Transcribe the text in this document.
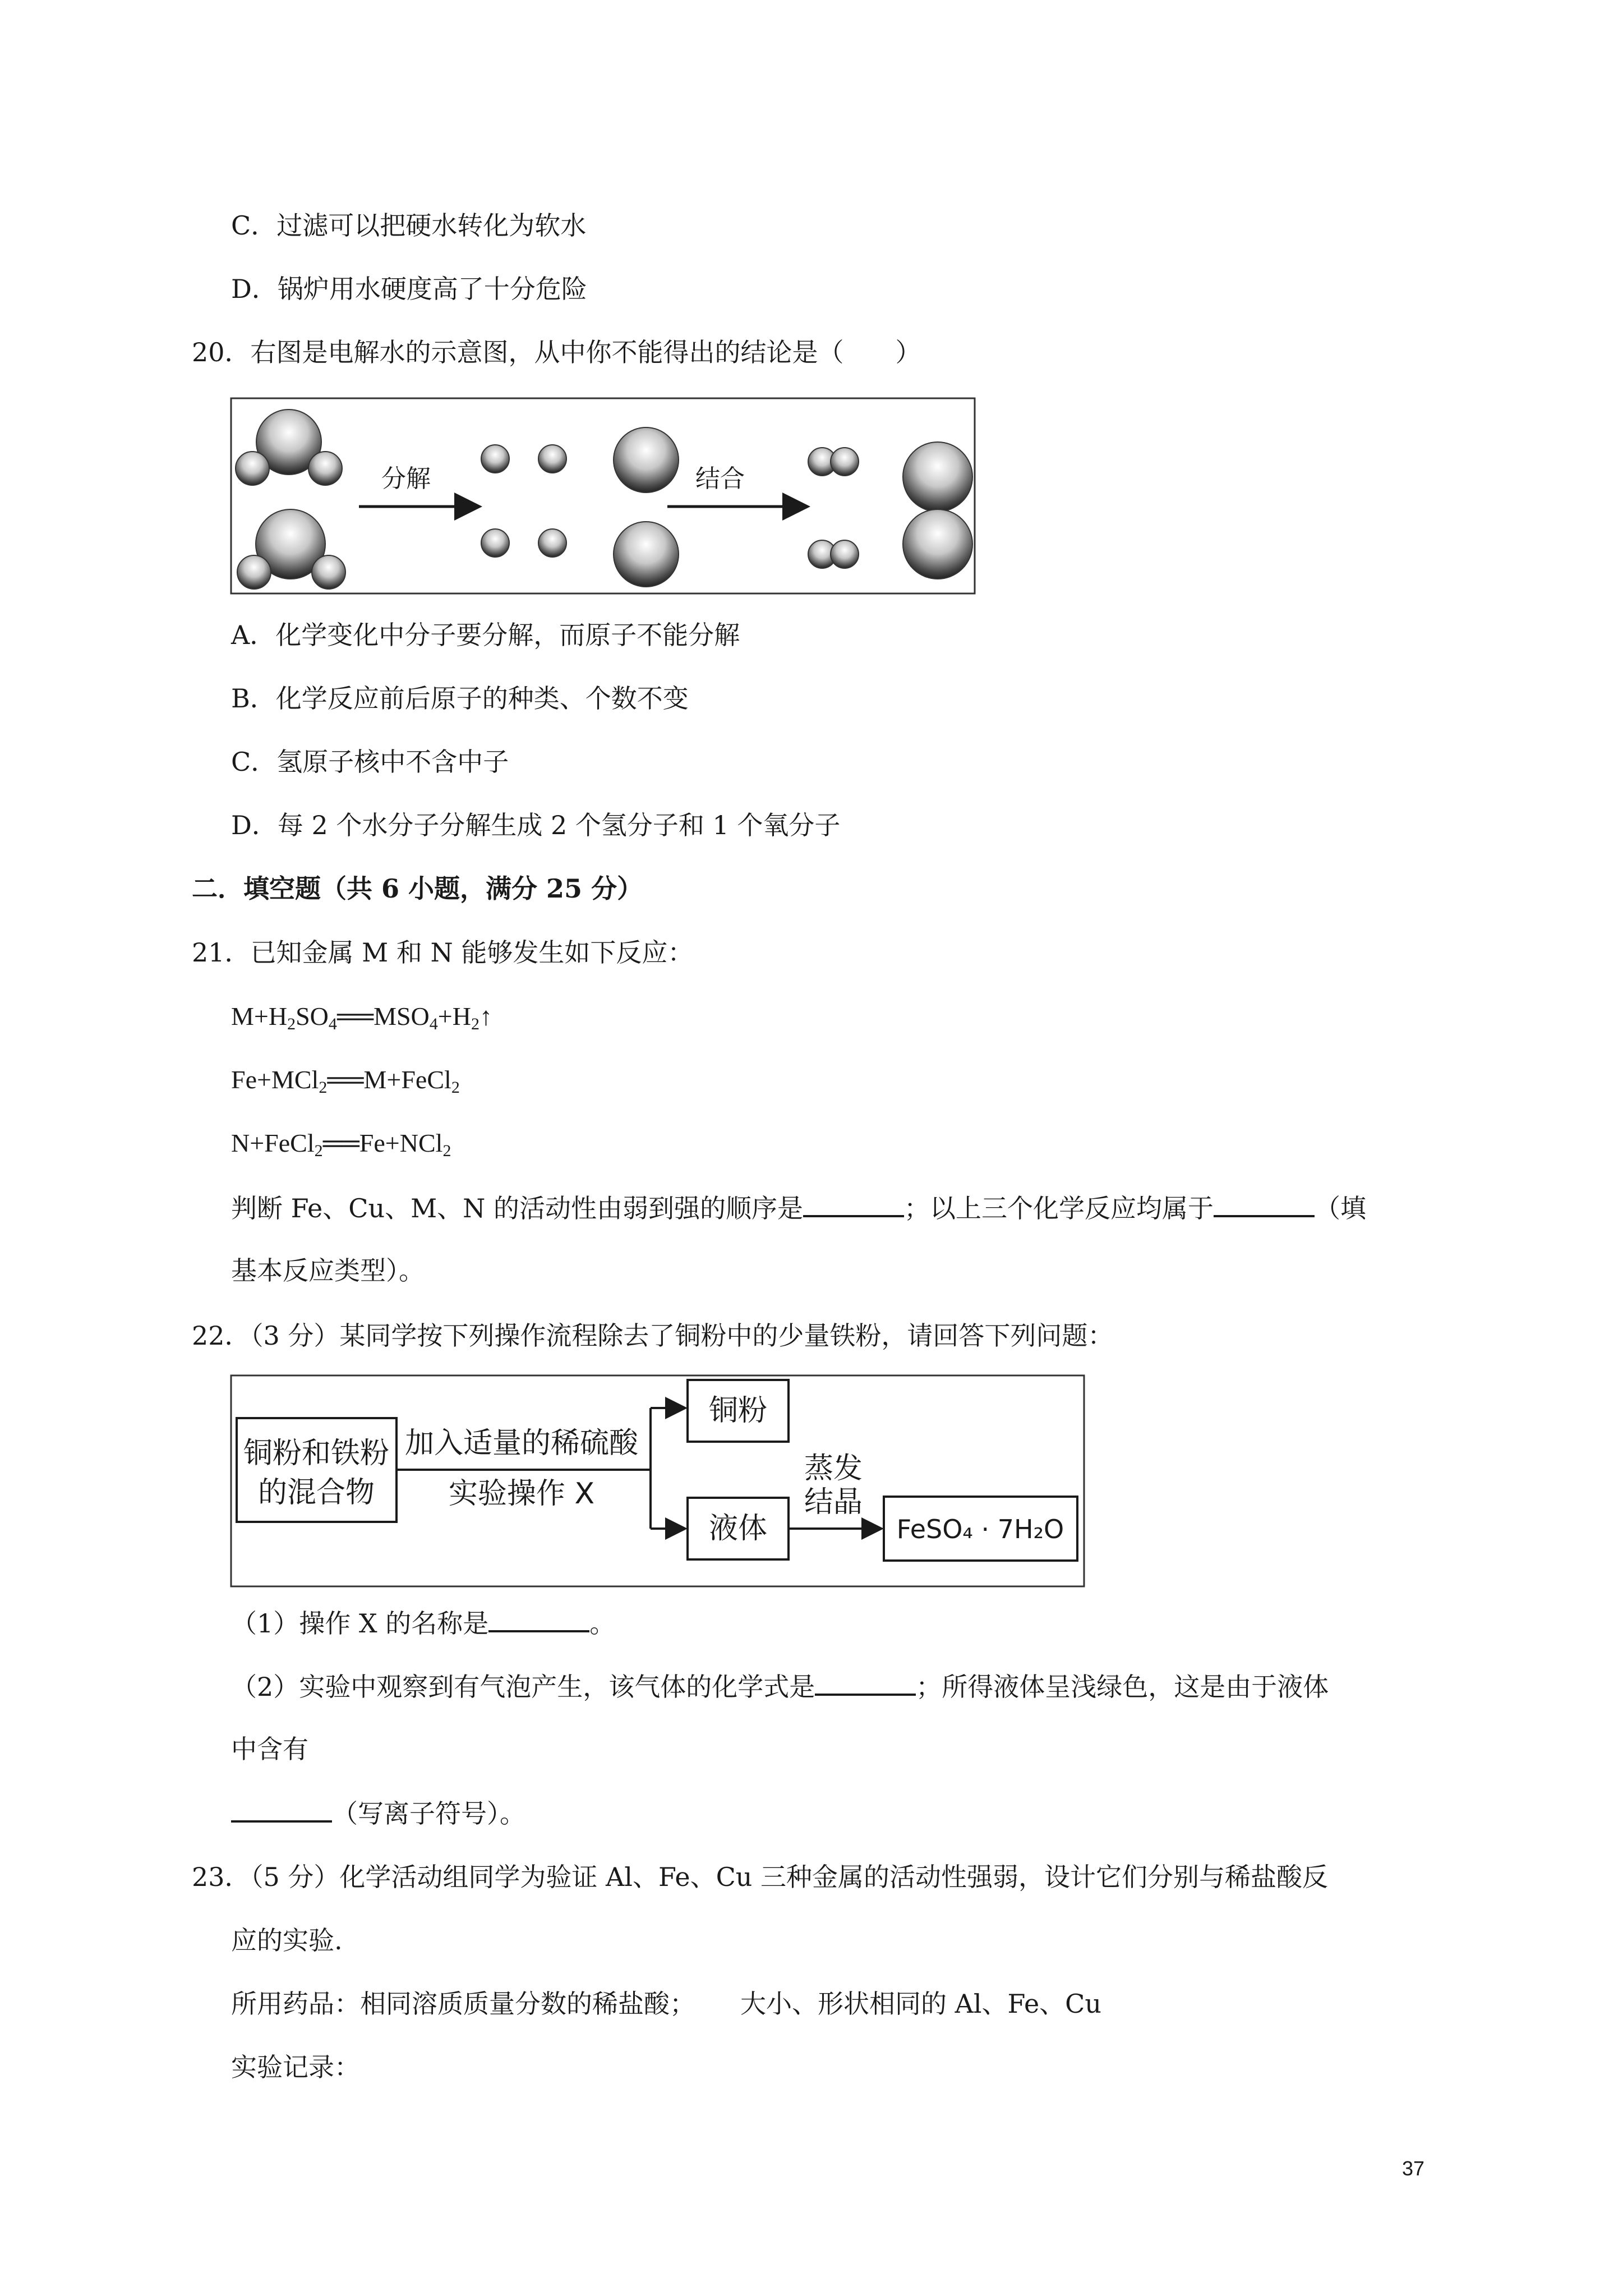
C．过滤可以把硬水转化为软水
D．锅炉用水硬度高了十分危险
20．右图是电解水的示意图，从中你不能得出的结论是（　　）
分解	结合
A．化学变化中分子要分解，而原子不能分解
B．化学反应前后原子的种类、个数不变
C．氢原子核中不含中子
D．每 2 个水分子分解生成 2 个氢分子和 1 个氧分子
二．填空题（共 6 小题，满分 25 分）
21．已知金属 M 和 N 能够发生如下反应：
$M+H_2SO_4══MSO_4+H_2↑$
Fe+MCl$_2$══M+FeCl$_2$
N+FeCl$_2$══Fe+NCl$_2$
判断 Fe、Cu、M、N 的活动性由弱到强的顺序是	；以上三个化学反应均属于	（填
基本反应类型）。
22．（3 分）某同学按下列操作流程除去了铜粉中的少量铁粉，请回答下列问题：
铜粉和铁粉
的混合物
加入适量的稀硫酸
实验操作 X
铜粉
液体
蒸发
结晶
FeSO₄ · 7H₂O
（1）操作 X 的名称是	。
（2）实验中观察到有气泡产生，该气体的化学式是	；所得液体呈浅绿色，这是由于液体
中含有
（写离子符号）。
23．（5 分）化学活动组同学为验证 Al、Fe、Cu 三种金属的活动性强弱，设计它们分别与稀盐酸反
应的实验.
所用药品：相同溶质质量分数的稀盐酸； 大小、形状相同的 Al、Fe、Cu
实验记录：
37
